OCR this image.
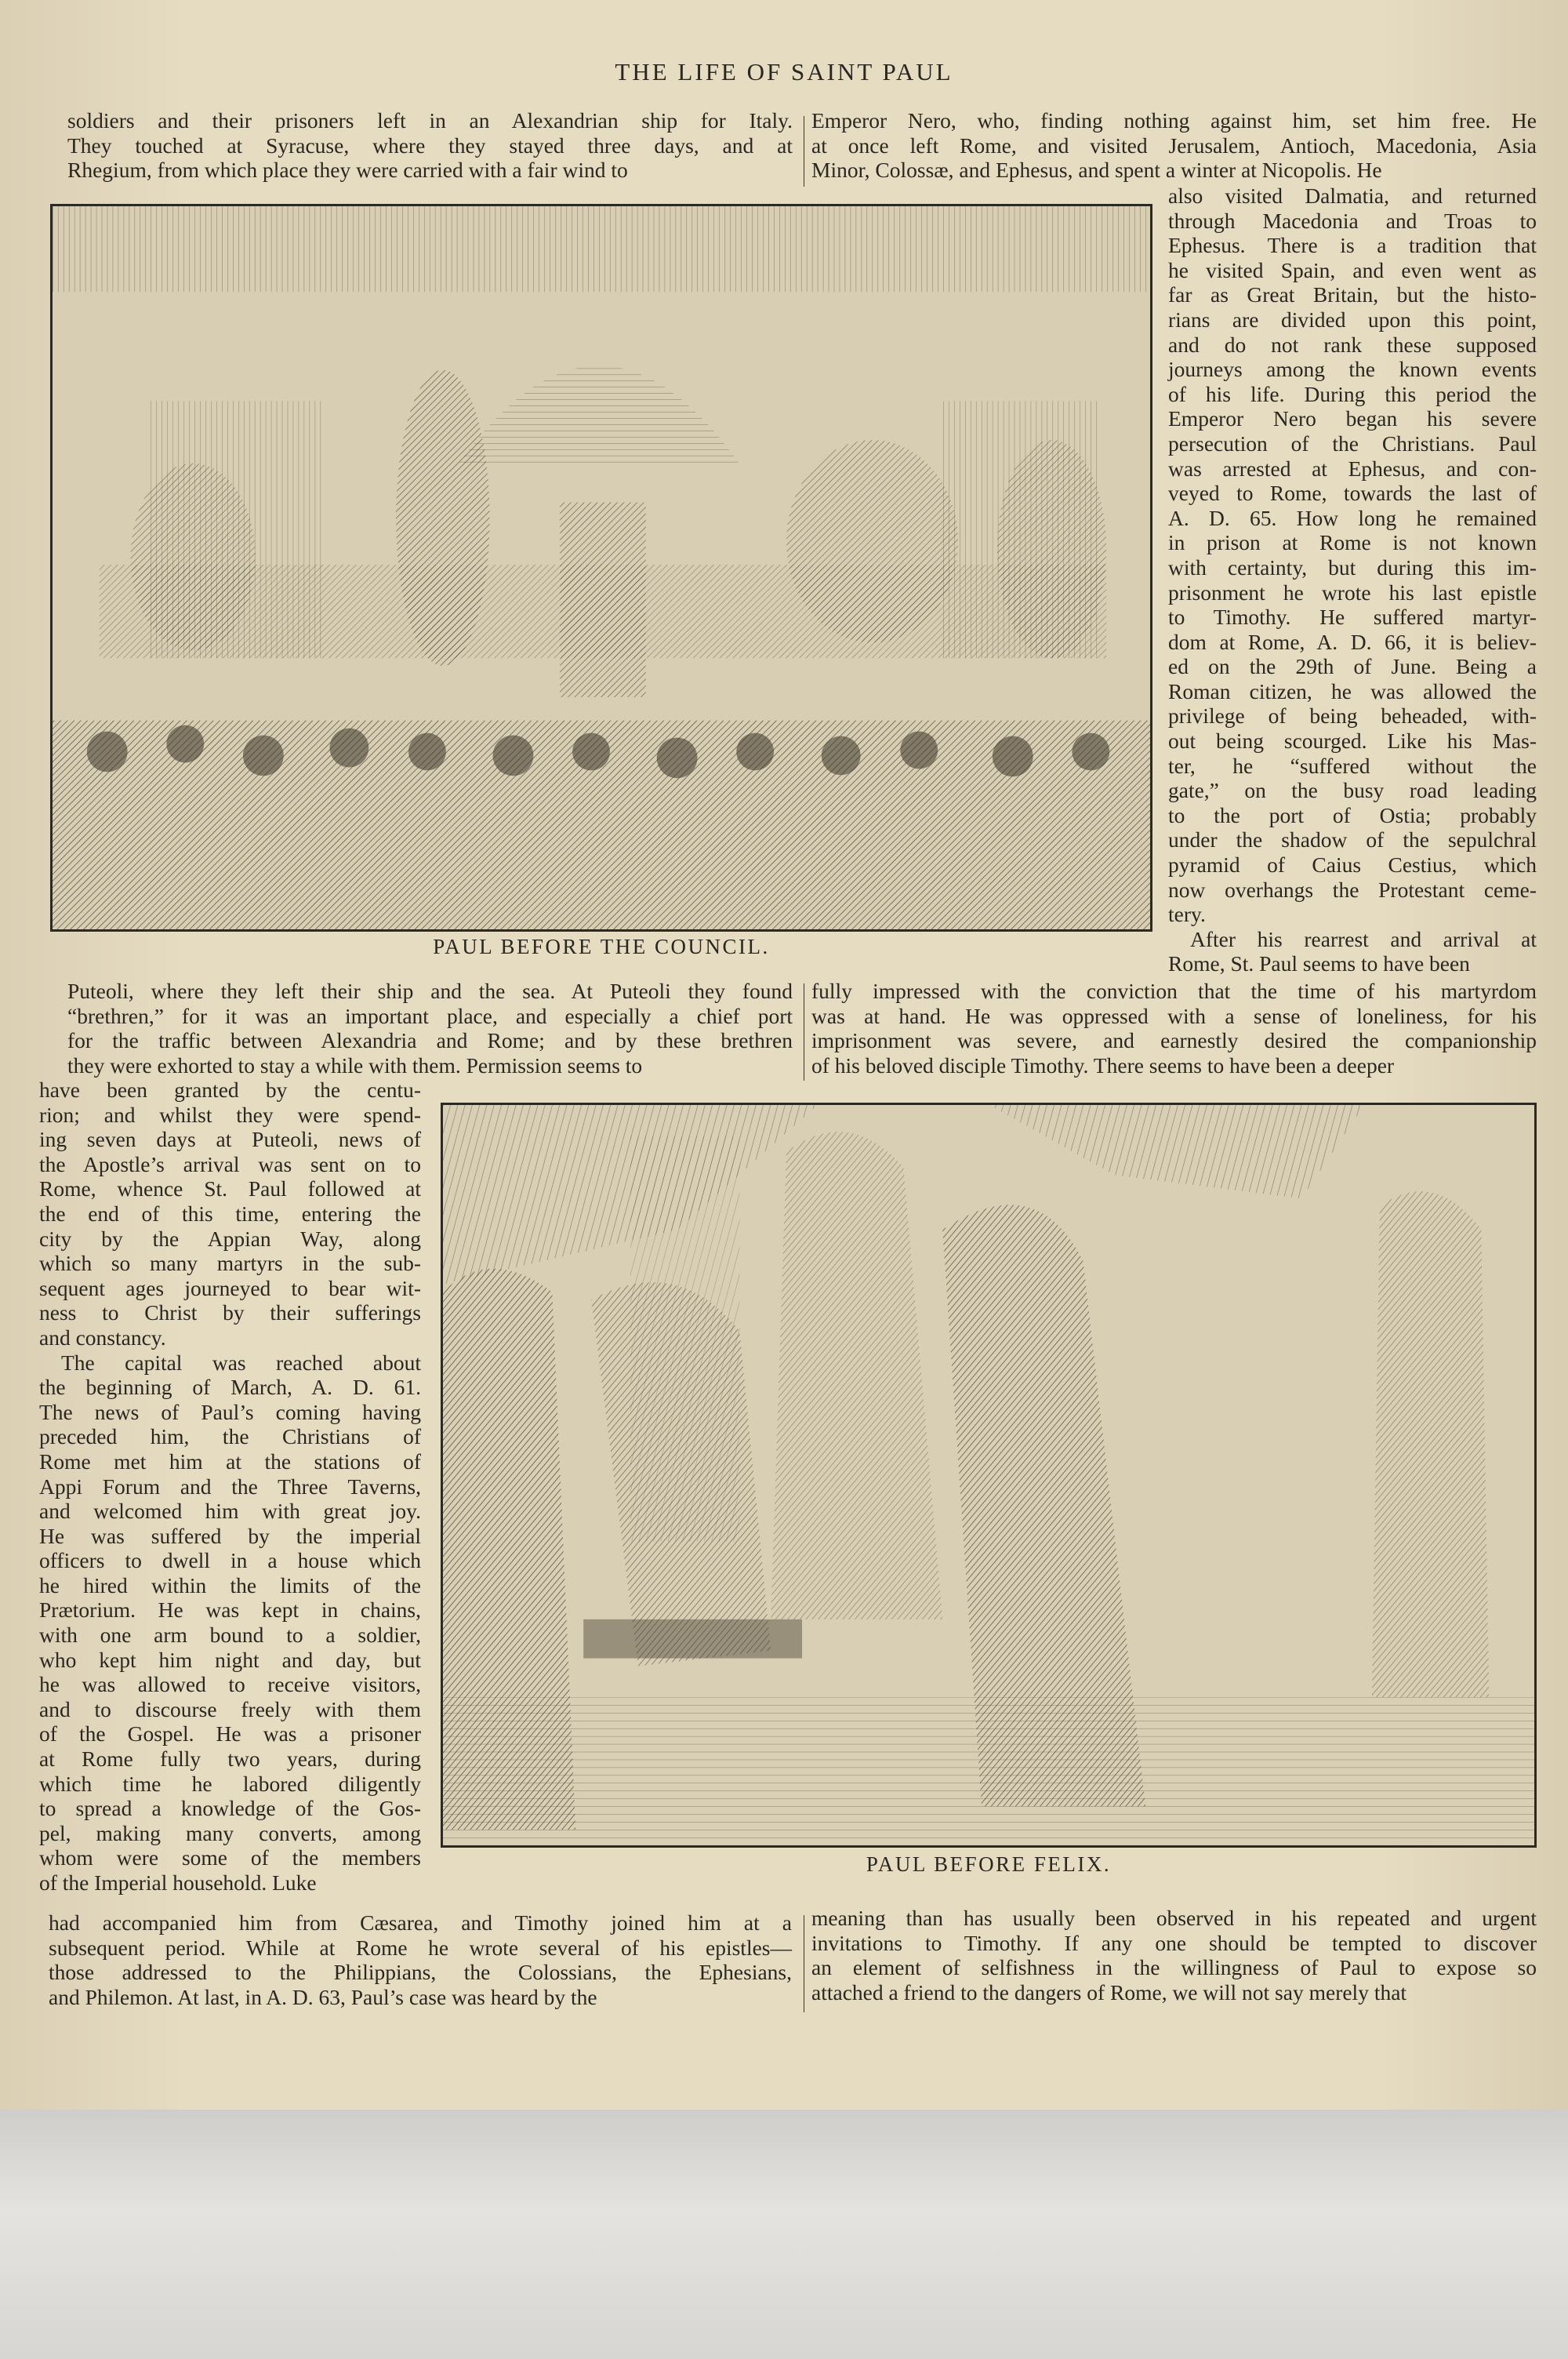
THE LIFE OF SAINT PAUL

soldiers and their prisoners left in an Alexandrian ship for Italy.

They touched at Syracuse, where they stayed three days, and at

Rhegium, from which place they were carried with a fair wind to

Emperor Nero, who, finding nothing against him, set him free. He

at once left Rome, and visited Jerusalem, Antioch, Macedonia, Asia

Minor, Colossæ, and Ephesus, and spent a winter at Nicopolis. He

PAUL BEFORE THE COUNCIL.

also visited Dalmatia, and returned

through Macedonia and Troas to

Ephesus. There is a tradition that

he visited Spain, and even went as

far as Great Britain, but the histo-

rians are divided upon this point,

and do not rank these supposed

journeys among the known events

of his life. During this period the

Emperor Nero began his severe

persecution of the Christians. Paul

was arrested at Ephesus, and con-

veyed to Rome, towards the last of

A. D. 65. How long he remained

in prison at Rome is not known

with certainty, but during this im-

prisonment he wrote his last epistle

to Timothy. He suffered martyr-

dom at Rome, A. D. 66, it is believ-

ed on the 29th of June. Being a

Roman citizen, he was allowed the

privilege of being beheaded, with-

out being scourged. Like his Mas-

ter, he “suffered without the

gate,” on the busy road leading

to the port of Ostia; probably

under the shadow of the sepulchral

pyramid of Caius Cestius, which

now overhangs the Protestant ceme-

tery.

After his rearrest and arrival at

Rome, St. Paul seems to have been

Puteoli, where they left their ship and the sea. At Puteoli they found

“brethren,” for it was an important place, and especially a chief port

for the traffic between Alexandria and Rome; and by these brethren

they were exhorted to stay a while with them. Permission seems to

fully impressed with the conviction that the time of his martyrdom

was at hand. He was oppressed with a sense of loneliness, for his

imprisonment was severe, and earnestly desired the companionship

of his beloved disciple Timothy. There seems to have been a deeper

have been granted by the centu-

rion; and whilst they were spend-

ing seven days at Puteoli, news of

the Apostle’s arrival was sent on to

Rome, whence St. Paul followed at

the end of this time, entering the

city by the Appian Way, along

which so many martyrs in the sub-

sequent ages journeyed to bear wit-

ness to Christ by their sufferings

and constancy.

The capital was reached about

the beginning of March, A. D. 61.

The news of Paul’s coming having

preceded him, the Christians of

Rome met him at the stations of

Appi Forum and the Three Taverns,

and welcomed him with great joy.

He was suffered by the imperial

officers to dwell in a house which

he hired within the limits of the

Prætorium. He was kept in chains,

with one arm bound to a soldier,

who kept him night and day, but

he was allowed to receive visitors,

and to discourse freely with them

of the Gospel. He was a prisoner

at Rome fully two years, during

which time he labored diligently

to spread a knowledge of the Gos-

pel, making many converts, among

whom were some of the members

of the Imperial household. Luke

PAUL BEFORE FELIX.

had accompanied him from Cæsarea, and Timothy joined him at a

subsequent period. While at Rome he wrote several of his epistles—

those addressed to the Philippians, the Colossians, the Ephesians,

and Philemon. At last, in A. D. 63, Paul’s case was heard by the

meaning than has usually been observed in his repeated and urgent

invitations to Timothy. If any one should be tempted to discover

an element of selfishness in the willingness of Paul to expose so

attached a friend to the dangers of Rome, we will not say merely that
